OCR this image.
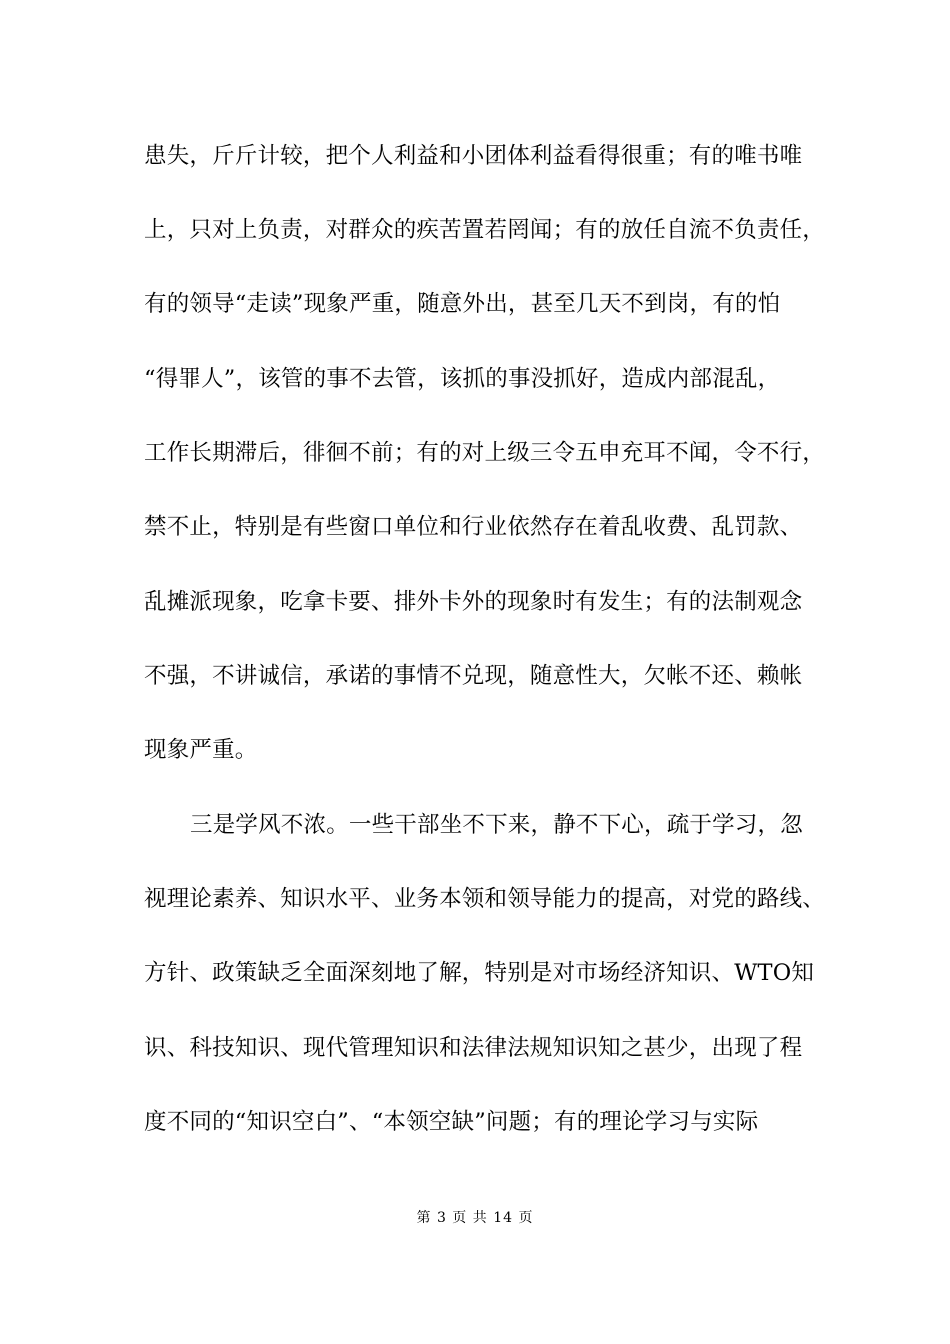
患失，斤斤计较，把个人利益和小团体利益看得很重；有的唯书唯
上，只对上负责，对群众的疾苦置若罔闻；有的放任自流不负责任，
有的领导“走读”现象严重，随意外出，甚至几天不到岗，有的怕
“得罪人”，该管的事不去管，该抓的事没抓好，造成内部混乱，
工作长期滞后，徘徊不前；有的对上级三令五申充耳不闻，令不行，
禁不止，特别是有些窗口单位和行业依然存在着乱收费、乱罚款、
乱摊派现象，吃拿卡要、排外卡外的现象时有发生；有的法制观念
不强，不讲诚信，承诺的事情不兑现，随意性大，欠帐不还、赖帐
现象严重。
三是学风不浓。一些干部坐不下来，静不下心，疏于学习，忽
视理论素养、知识水平、业务本领和领导能力的提高，对党的路线、
方针、政策缺乏全面深刻地了解，特别是对市场经济知识、WTO知
识、科技知识、现代管理知识和法律法规知识知之甚少，出现了程
度不同的“知识空白”、“本领空缺”问题；有的理论学习与实际
第 3 页 共 14 页
